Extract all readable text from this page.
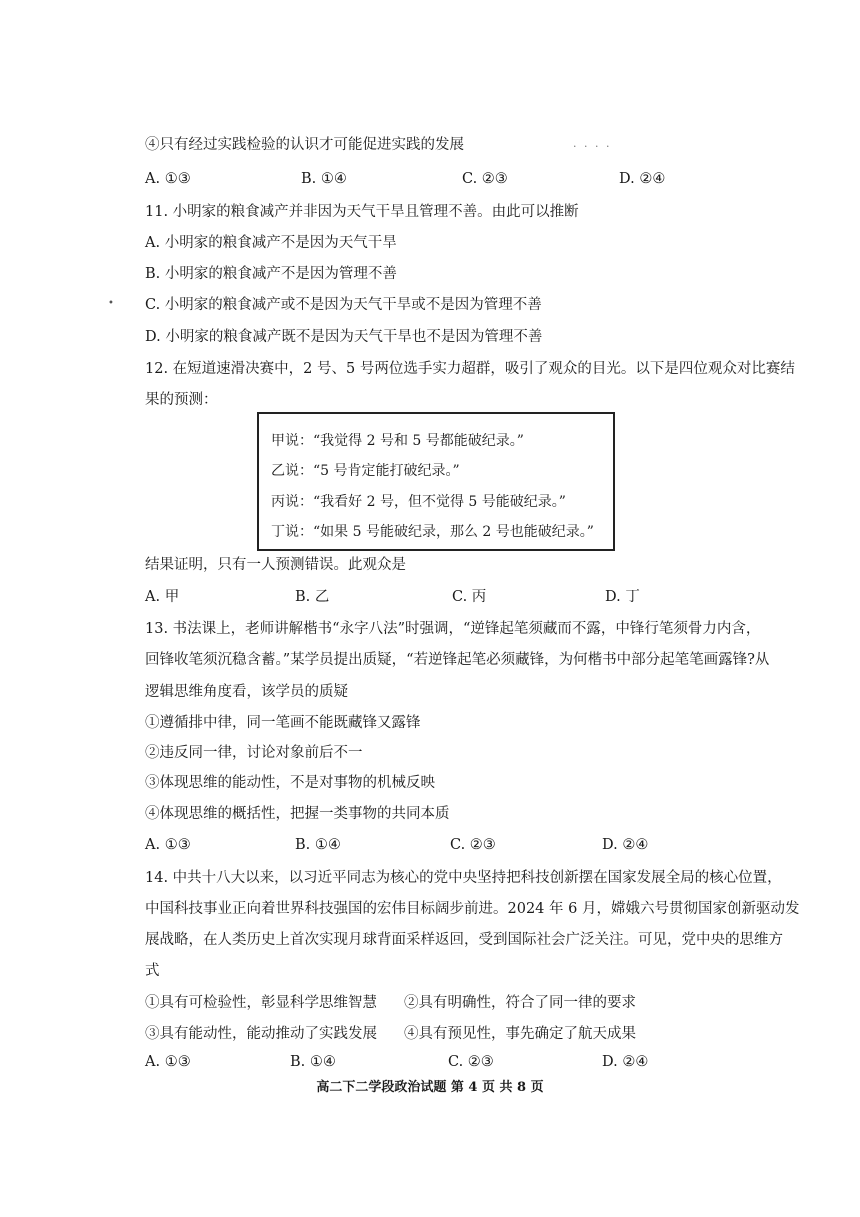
④只有经过实践检验的认识才可能促进实践的发展	· · · ·
A. ①③	B. ①④	C. ②③	D. ②④
11. 小明家的粮食减产并非因为天气干旱且管理不善。由此可以推断
A. 小明家的粮食减产不是因为天气干旱
B. 小明家的粮食减产不是因为管理不善
• C. 小明家的粮食减产或不是因为天气干旱或不是因为管理不善
D. 小明家的粮食减产既不是因为天气干旱也不是因为管理不善
12. 在短道速滑决赛中，2 号、5 号两位选手实力超群，吸引了观众的目光。以下是四位观众对比赛结
果的预测：
甲说：“我觉得 2 号和 5 号都能破纪录。”
乙说：“5 号肯定能打破纪录。”
丙说：“我看好 2 号，但不觉得 5 号能破纪录。”
丁说：“如果 5 号能破纪录，那么 2 号也能破纪录。”
结果证明，只有一人预测错误。此观众是
A. 甲	B. 乙	C. 丙	D. 丁
13. 书法课上，老师讲解楷书“永字八法”时强调，“逆锋起笔须藏而不露，中锋行笔须骨力内含，
回锋收笔须沉稳含蓄。”某学员提出质疑，“若逆锋起笔必须藏锋，为何楷书中部分起笔笔画露锋?从
逻辑思维角度看，该学员的质疑
①遵循排中律，同一笔画不能既藏锋又露锋
②违反同一律，讨论对象前后不一
③体现思维的能动性，不是对事物的机械反映
④体现思维的概括性，把握一类事物的共同本质
A. ①③	B. ①④	C. ②③	D. ②④
14. 中共十八大以来，以习近平同志为核心的党中央坚持把科技创新摆在国家发展全局的核心位置，
中国科技事业正向着世界科技强国的宏伟目标阔步前进。2024 年 6 月，嫦娥六号贯彻国家创新驱动发
展战略，在人类历史上首次实现月球背面采样返回，受到国际社会广泛关注。可见，党中央的思维方
式
①具有可检验性，彰显科学思维智慧 ②具有明确性，符合了同一律的要求
③具有能动性，能动推动了实践发展 ④具有预见性，事先确定了航天成果
A. ①③	B. ①④	C. ②③	D. ②④
高二下二学段政治试题 第 4 页 共 8 页
